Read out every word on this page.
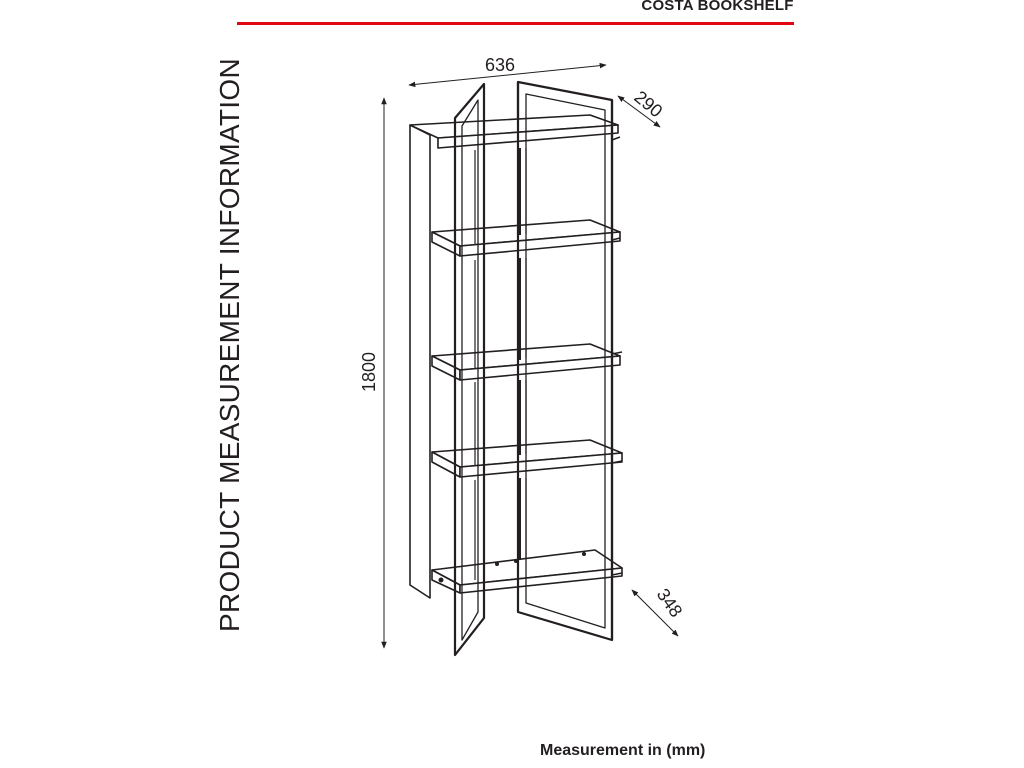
COSTA BOOKSHELF
PRODUCT MEASUREMENT INFORMATION	636
290
1800
348
Measurement in (mm)
